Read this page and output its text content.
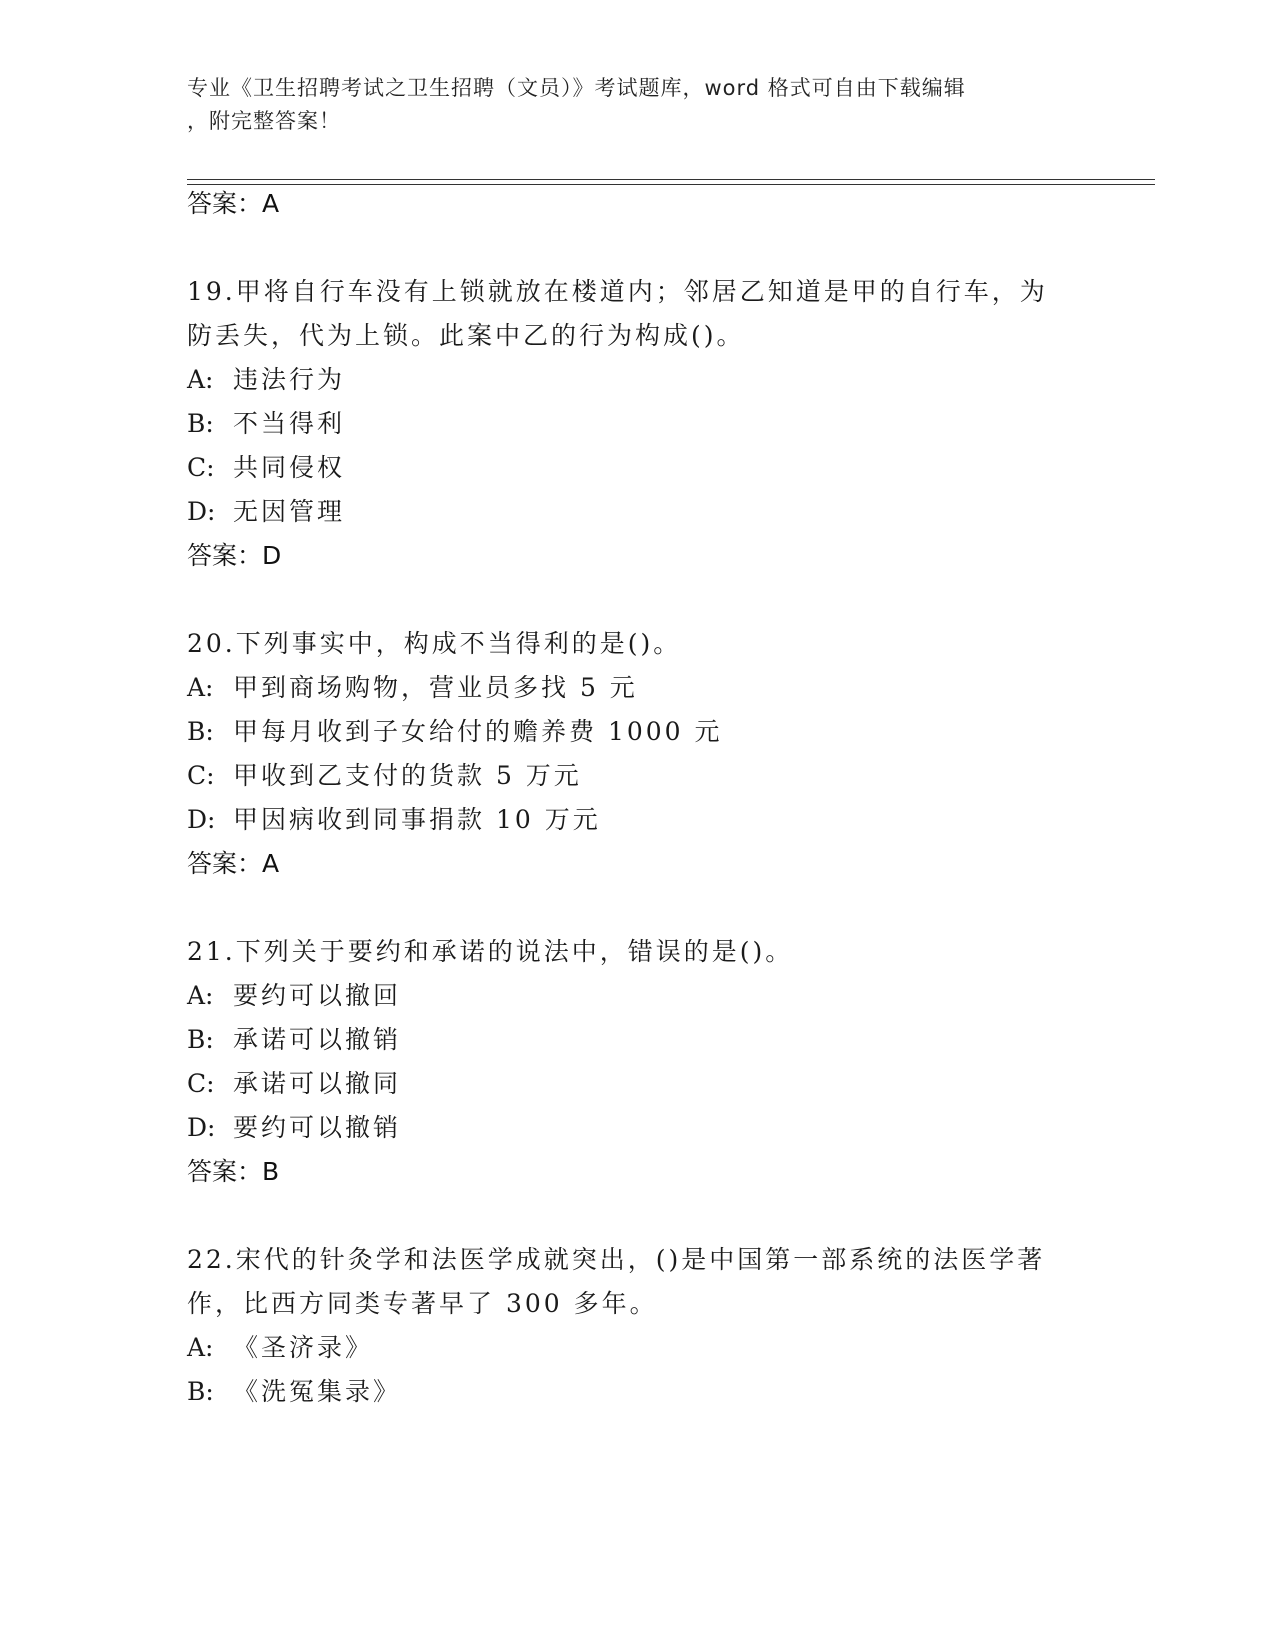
专业《卫生招聘考试之卫生招聘（文员）》考试题库，word 格式可自由下载编辑
，附完整答案！
答案：A
19.甲将自行车没有上锁就放在楼道内；邻居乙知道是甲的自行车，为
防丢失，代为上锁。此案中乙的行为构成()。
A: 违法行为
B: 不当得利
C: 共同侵权
D: 无因管理
答案：D
20.下列事实中，构成不当得利的是()。
A: 甲到商场购物，营业员多找 5 元
B: 甲每月收到子女给付的赡养费 1000 元
C: 甲收到乙支付的货款 5 万元
D: 甲因病收到同事捐款 10 万元
答案：A
21.下列关于要约和承诺的说法中，错误的是()。
A: 要约可以撤回
B: 承诺可以撤销
C: 承诺可以撤同
D: 要约可以撤销
答案：B
22.宋代的针灸学和法医学成就突出，()是中国第一部系统的法医学著
作，比西方同类专著早了 300 多年。
A: 《圣济录》
B: 《洗冤集录》
